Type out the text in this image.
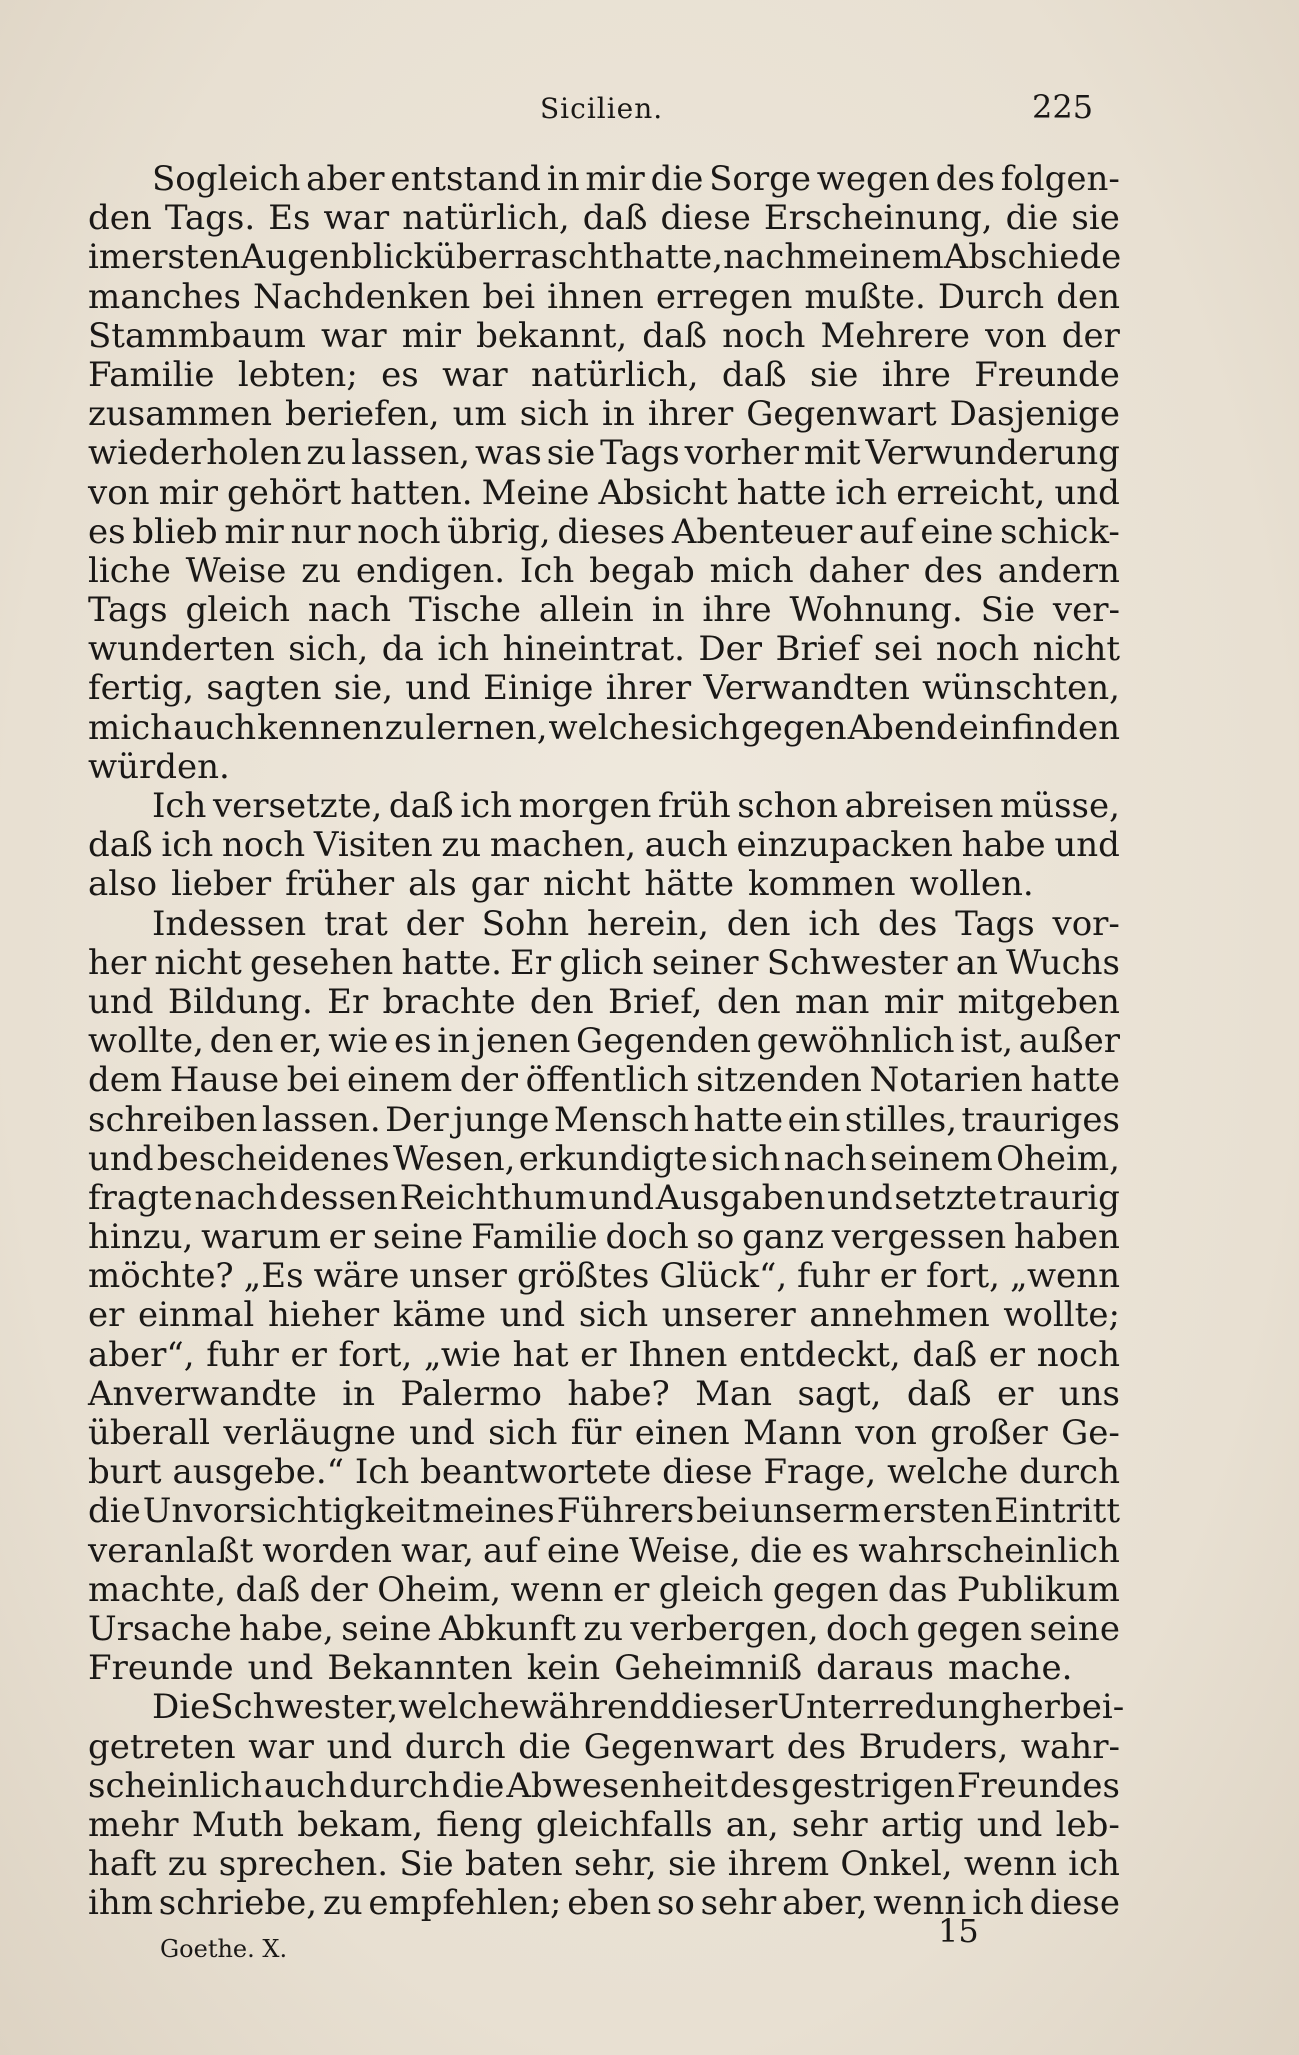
Sicilien.	225
Sogleich aber entstand in mir die Sorge wegen des folgen-
den Tags. Es war natürlich, daß diese Erscheinung, die sie
im ersten Augenblick überrascht hatte, nach meinem Abschiede
manches Nachdenken bei ihnen erregen mußte. Durch den
Stammbaum war mir bekannt, daß noch Mehrere von der
Familie lebten; es war natürlich, daß sie ihre Freunde
zusammen beriefen, um sich in ihrer Gegenwart Dasjenige
wiederholen zu lassen, was sie Tags vorher mit Verwunderung
von mir gehört hatten. Meine Absicht hatte ich erreicht, und
es blieb mir nur noch übrig, dieses Abenteuer auf eine schick-
liche Weise zu endigen. Ich begab mich daher des andern
Tags gleich nach Tische allein in ihre Wohnung. Sie ver-
wunderten sich, da ich hineintrat. Der Brief sei noch nicht
fertig, sagten sie, und Einige ihrer Verwandten wünschten,
mich auch kennen zu lernen, welche sich gegen Abend einfinden
würden.
Ich versetzte, daß ich morgen früh schon abreisen müsse,
daß ich noch Visiten zu machen, auch einzupacken habe und
also lieber früher als gar nicht hätte kommen wollen.
Indessen trat der Sohn herein, den ich des Tags vor-
her nicht gesehen hatte. Er glich seiner Schwester an Wuchs
und Bildung. Er brachte den Brief, den man mir mitgeben
wollte, den er, wie es in jenen Gegenden gewöhnlich ist, außer
dem Hause bei einem der öffentlich sitzenden Notarien hatte
schreiben lassen. Der junge Mensch hatte ein stilles, trauriges
und bescheidenes Wesen, erkundigte sich nach seinem Oheim,
fragte nach dessen Reichthum und Ausgaben und setzte traurig
hinzu, warum er seine Familie doch so ganz vergessen haben
möchte? „Es wäre unser größtes Glück“, fuhr er fort, „wenn
er einmal hieher käme und sich unserer annehmen wollte;
aber“, fuhr er fort, „wie hat er Ihnen entdeckt, daß er noch
Anverwandte in Palermo habe? Man sagt, daß er uns
überall verläugne und sich für einen Mann von großer Ge-
burt ausgebe.“ Ich beantwortete diese Frage, welche durch
die Unvorsichtigkeit meines Führers bei unserm ersten Eintritt
veranlaßt worden war, auf eine Weise, die es wahrscheinlich
machte, daß der Oheim, wenn er gleich gegen das Publikum
Ursache habe, seine Abkunft zu verbergen, doch gegen seine
Freunde und Bekannten kein Geheimniß daraus mache.
Die Schwester, welche während dieser Unterredung herbei-
getreten war und durch die Gegenwart des Bruders, wahr-
scheinlich auch durch die Abwesenheit des gestrigen Freundes
mehr Muth bekam, fieng gleichfalls an, sehr artig und leb-
haft zu sprechen. Sie baten sehr, sie ihrem Onkel, wenn ich
ihm schriebe, zu empfehlen; eben so sehr aber, wenn ich diese
Goethe. X.	15
